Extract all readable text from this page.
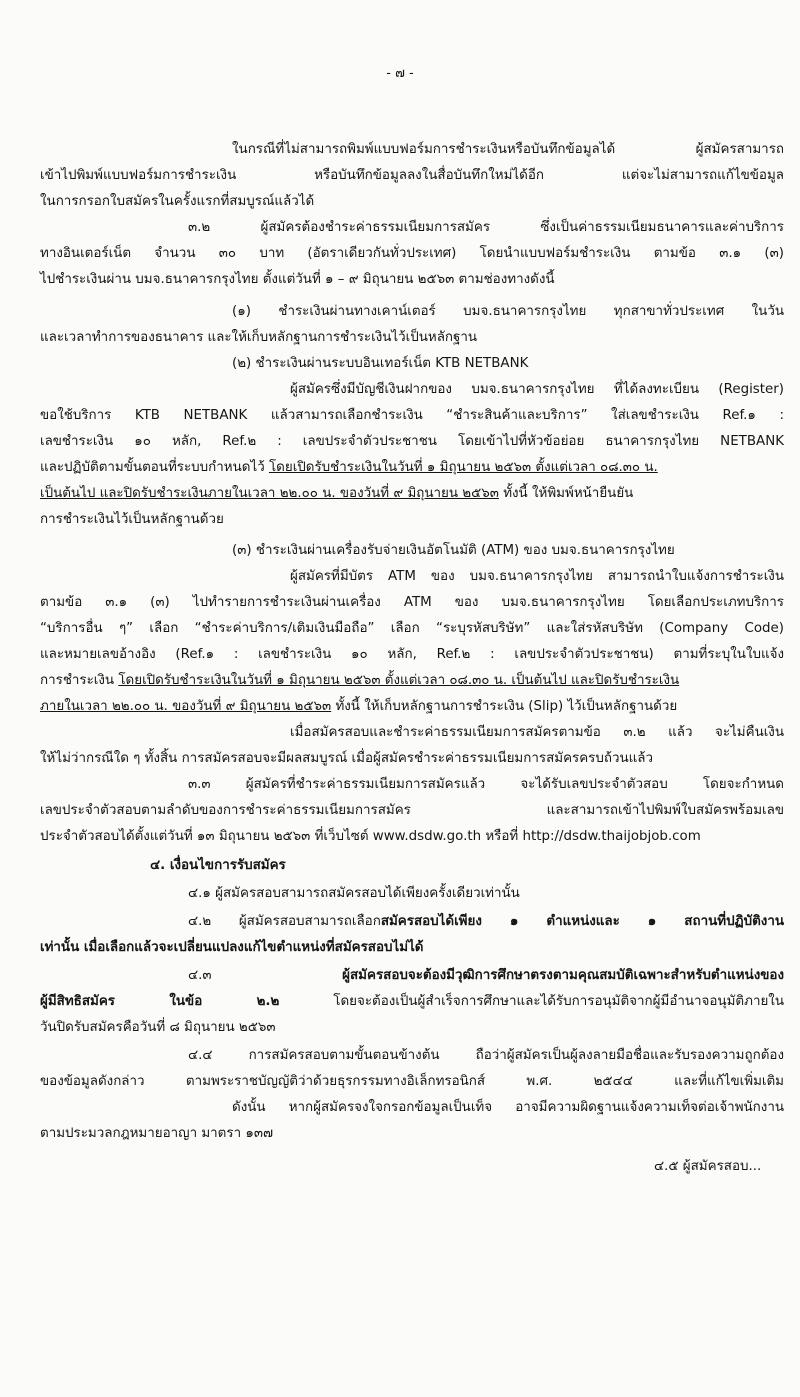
- ๗ -
ในกรณีที่ไม่สามารถพิมพ์แบบฟอร์มการชำระเงินหรือบันทึกข้อมูลได้ ผู้สมัครสามารถ
เข้าไปพิมพ์แบบฟอร์มการชำระเงิน หรือบันทึกข้อมูลลงในสื่อบันทึกใหม่ได้อีก แต่จะไม่สามารถแก้ไขข้อมูล
ในการกรอกใบสมัครในครั้งแรกที่สมบูรณ์แล้วได้
๓.๒ ผู้สมัครต้องชำระค่าธรรมเนียมการสมัคร ซึ่งเป็นค่าธรรมเนียมธนาคารและค่าบริการ
ทางอินเตอร์เน็ต จำนวน ๓๐ บาท (อัตราเดียวกันทั่วประเทศ) โดยนำแบบฟอร์มชำระเงิน ตามข้อ ๓.๑ (๓)
ไปชำระเงินผ่าน บมจ.ธนาคารกรุงไทย ตั้งแต่วันที่ ๑ – ๙ มิถุนายน ๒๕๖๓ ตามช่องทางดังนี้
(๑) ชำระเงินผ่านทางเคาน์เตอร์ บมจ.ธนาคารกรุงไทย ทุกสาขาทั่วประเทศ ในวัน
และเวลาทำการของธนาคาร และให้เก็บหลักฐานการชำระเงินไว้เป็นหลักฐาน
(๒) ชำระเงินผ่านระบบอินเทอร์เน็ต KTB NETBANK
ผู้สมัครซึ่งมีบัญชีเงินฝากของ บมจ.ธนาคารกรุงไทย ที่ได้ลงทะเบียน (Register)
ขอใช้บริการ KTB NETBANK แล้วสามารถเลือกชำระเงิน “ชำระสินค้าและบริการ” ใส่เลขชำระเงิน Ref.๑ :
เลขชำระเงิน ๑๐ หลัก, Ref.๒ : เลขประจำตัวประชาชน โดยเข้าไปที่หัวข้อย่อย ธนาคารกรุงไทย NETBANK
และปฏิบัติตามขั้นตอนที่ระบบกำหนดไว้ โดยเปิดรับชำระเงินในวันที่ ๑ มิถุนายน ๒๕๖๓ ตั้งแต่เวลา ๐๘.๓๐ น.
เป็นต้นไป และปิดรับชำระเงินภายในเวลา ๒๒.๐๐ น. ของวันที่ ๙ มิถุนายน ๒๕๖๓ ทั้งนี้ ให้พิมพ์หน้ายืนยัน
การชำระเงินไว้เป็นหลักฐานด้วย
(๓) ชำระเงินผ่านเครื่องรับจ่ายเงินอัตโนมัติ (ATM) ของ บมจ.ธนาคารกรุงไทย
ผู้สมัครที่มีบัตร ATM ของ บมจ.ธนาคารกรุงไทย สามารถนำใบแจ้งการชำระเงิน
ตามข้อ ๓.๑ (๓) ไปทำรายการชำระเงินผ่านเครื่อง ATM ของ บมจ.ธนาคารกรุงไทย โดยเลือกประเภทบริการ
“บริการอื่น ๆ” เลือก “ชำระค่าบริการ/เติมเงินมือถือ” เลือก “ระบุรหัสบริษัท” และใส่รหัสบริษัท (Company Code)
และหมายเลขอ้างอิง (Ref.๑ : เลขชำระเงิน ๑๐ หลัก, Ref.๒ : เลขประจำตัวประชาชน) ตามที่ระบุในใบแจ้ง
การชำระเงิน โดยเปิดรับชำระเงินในวันที่ ๑ มิถุนายน ๒๕๖๓ ตั้งแต่เวลา ๐๘.๓๐ น. เป็นต้นไป และปิดรับชำระเงิน
ภายในเวลา ๒๒.๐๐ น. ของวันที่ ๙ มิถุนายน ๒๕๖๓ ทั้งนี้ ให้เก็บหลักฐานการชำระเงิน (Slip) ไว้เป็นหลักฐานด้วย
เมื่อสมัครสอบและชำระค่าธรรมเนียมการสมัครตามข้อ ๓.๒ แล้ว จะไม่คืนเงิน
ให้ไม่ว่ากรณีใด ๆ ทั้งสิ้น การสมัครสอบจะมีผลสมบูรณ์ เมื่อผู้สมัครชำระค่าธรรมเนียมการสมัครครบถ้วนแล้ว
๓.๓ ผู้สมัครที่ชำระค่าธรรมเนียมการสมัครแล้ว จะได้รับเลขประจำตัวสอบ โดยจะกำหนด
เลขประจำตัวสอบตามลำดับของการชำระค่าธรรมเนียมการสมัคร และสามารถเข้าไปพิมพ์ใบสมัครพร้อมเลข
ประจำตัวสอบได้ตั้งแต่วันที่ ๑๓ มิถุนายน ๒๕๖๓ ที่เว็บไซต์ www.dsdw.go.th หรือที่ http://dsdw.thaijobjob.com
๔. เงื่อนไขการรับสมัคร
๔.๑ ผู้สมัครสอบสามารถสมัครสอบได้เพียงครั้งเดียวเท่านั้น
๔.๒ ผู้สมัครสอบสามารถเลือกสมัครสอบได้เพียง ๑ ตำแหน่งและ ๑ สถานที่ปฏิบัติงาน
เท่านั้น เมื่อเลือกแล้วจะเปลี่ยนแปลงแก้ไขตำแหน่งที่สมัครสอบไม่ได้
๔.๓ ผู้สมัครสอบจะต้องมีวุฒิการศึกษาตรงตามคุณสมบัติเฉพาะสำหรับตำแหน่งของ
ผู้มีสิทธิสมัคร ในข้อ ๒.๒ โดยจะต้องเป็นผู้สำเร็จการศึกษาและได้รับการอนุมัติจากผู้มีอำนาจอนุมัติภายใน
วันปิดรับสมัครคือวันที่ ๘ มิถุนายน ๒๕๖๓
๔.๔ การสมัครสอบตามขั้นตอนข้างต้น ถือว่าผู้สมัครเป็นผู้ลงลายมือชื่อและรับรองความถูกต้อง
ของข้อมูลดังกล่าว ตามพระราชบัญญัติว่าด้วยธุรกรรมทางอิเล็กทรอนิกส์ พ.ศ. ๒๕๔๔ และที่แก้ไขเพิ่มเติม
ดังนั้น หากผู้สมัครจงใจกรอกข้อมูลเป็นเท็จ อาจมีความผิดฐานแจ้งความเท็จต่อเจ้าพนักงาน
ตามประมวลกฎหมายอาญา มาตรา ๑๓๗
๔.๕ ผู้สมัครสอบ...
